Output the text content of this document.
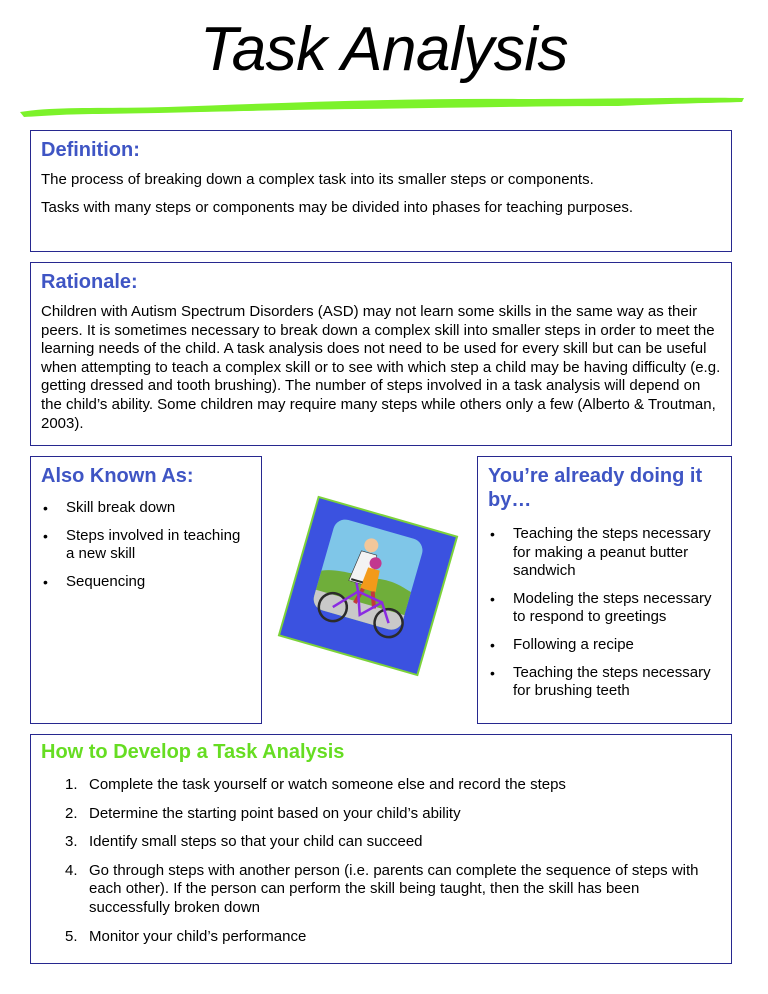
Task Analysis
Definition:

The process of breaking down a complex task into its smaller steps or components.

Tasks with many steps or components may be divided into phases for teaching purposes.

Rationale:

Children with Autism Spectrum Disorders (ASD) may not learn some skills in the same way as their peers. It is sometimes necessary to break down a complex skill into smaller steps in order to meet the learning needs of the child. A task analysis does not need to be used for every skill but can be useful when attempting to teach a complex skill or to see with which step a child may be having difficulty (e.g. getting dressed and tooth brushing). The number of steps involved in a task analysis will depend on the child’s ability. Some children may require many steps while others only a few (Alberto & Troutman, 2003).

Also Known As:
• Skill break down
• Steps involved in teaching a new skill
• Sequencing
You’re already doing it by…
• Teaching the steps necessary for making a peanut butter sandwich
• Modeling the steps necessary to respond to greetings
• Following a recipe
• Teaching the steps necessary for brushing teeth
How to Develop a Task Analysis
1. Complete the task yourself or watch someone else and record the steps
2. Determine the starting point based on your child’s ability
3. Identify small steps so that your child can succeed
4. Go through steps with another person (i.e. parents can complete the sequence of steps with each other). If the person can perform the skill being taught, then the skill has been successfully broken down
5. Monitor your child’s performance
